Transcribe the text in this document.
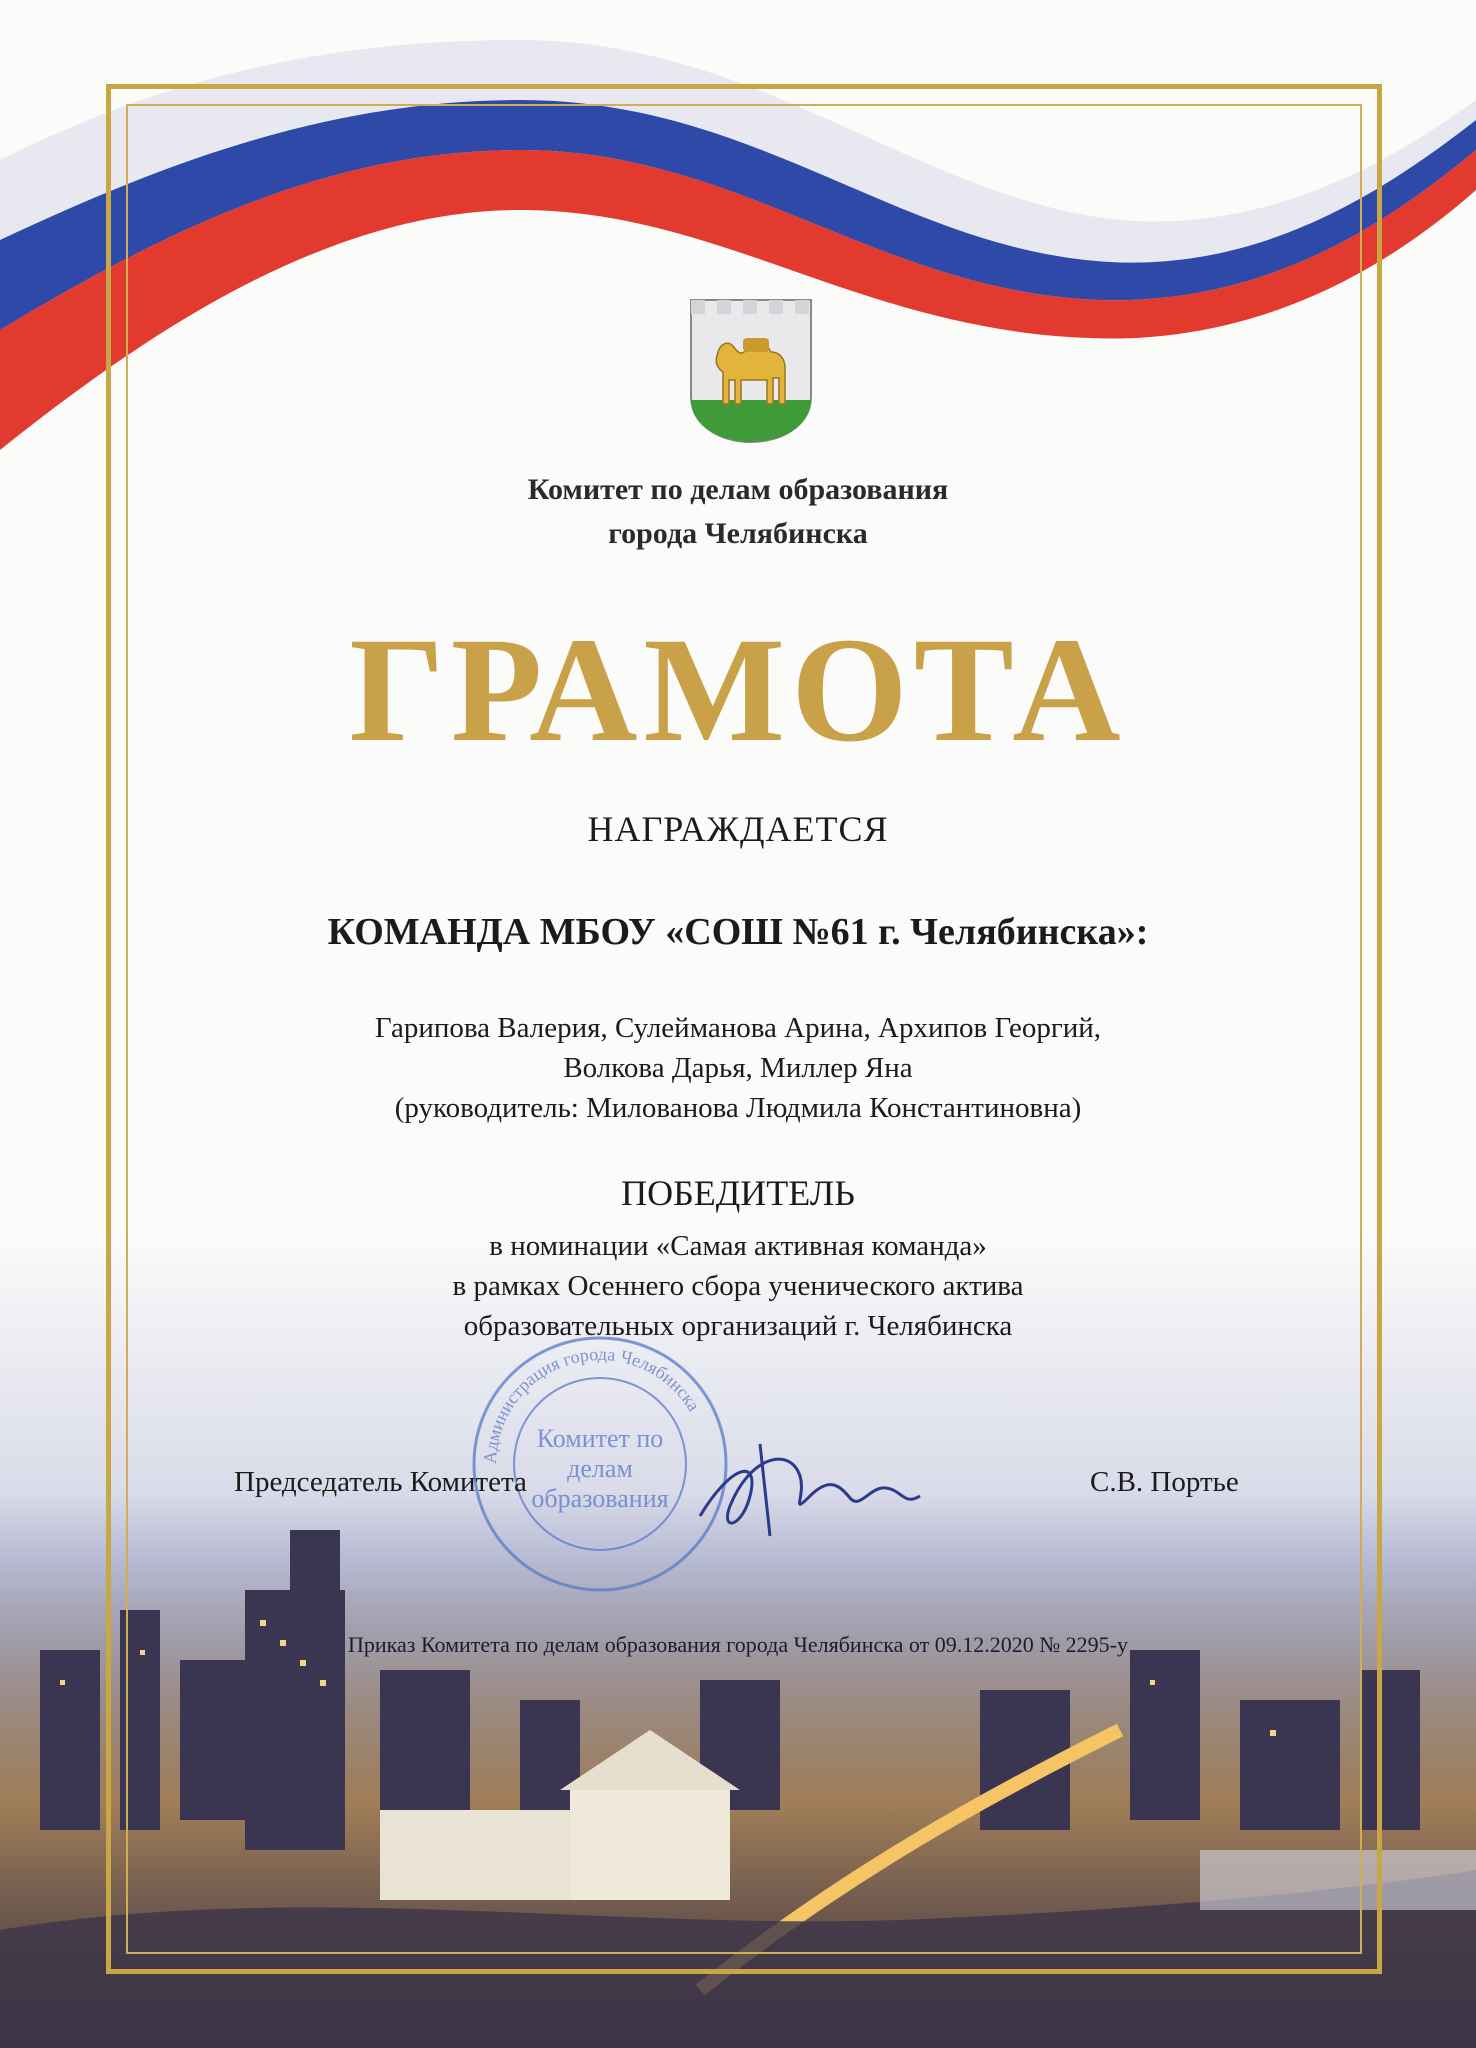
Комитет по делам образования
города Челябинска
ГРАМОТА
НАГРАЖДАЕТСЯ
КОМАНДА МБОУ «СОШ №61 г. Челябинска»:
Гарипова Валерия, Сулейманова Арина, Архипов Георгий,
Волкова Дарья, Миллер Яна
(руководитель: Милованова Людмила Константиновна)
ПОБЕДИТЕЛЬ
в номинации «Самая активная команда»
в рамках Осеннего сбора ученического актива
образовательных организаций г. Челябинска
Администрация города Челябинска
Комитет по делам образования
Председатель Комитета	С.В. Портье
Приказ Комитета по делам образования города Челябинска от 09.12.2020 № 2295-у
